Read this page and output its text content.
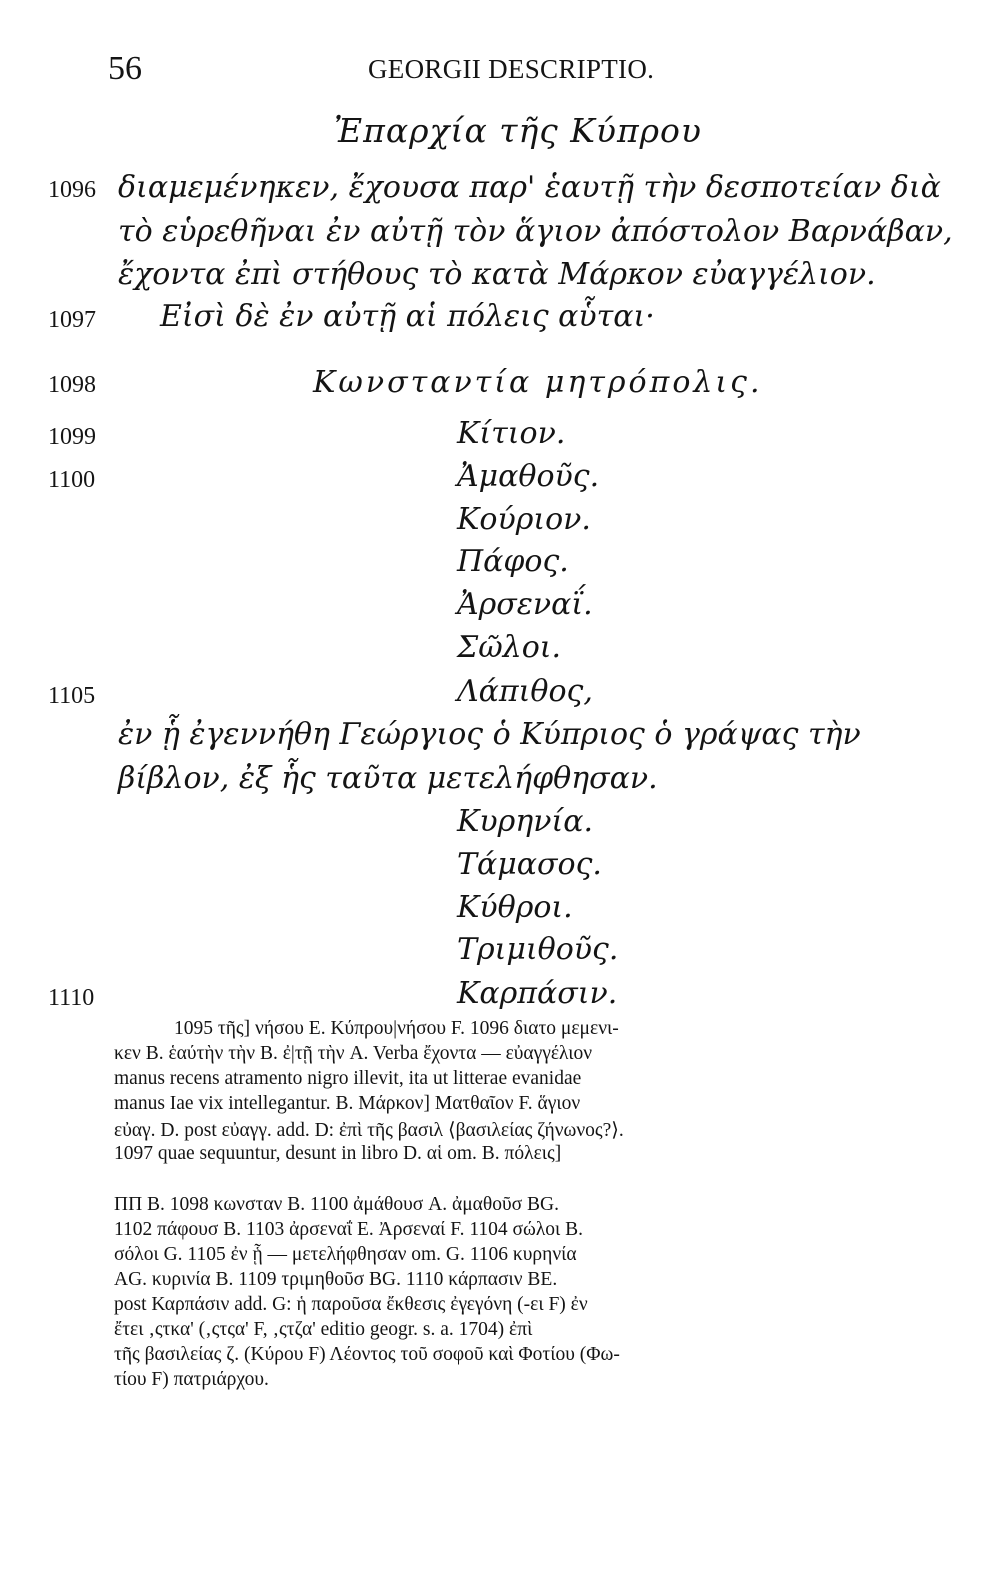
56	GEORGII DESCRIPTIO.
Ἐπαρχία τῆς Κύπρου
1096
1097
1098
1099
1100
1105
1110
διαμεμένηκεν, ἔχουσα παρ' ἑαυτῇ τὴν δεσποτείαν διὰ
τὸ εὑρεθῆναι ἐν αὐτῇ τὸν ἅγιον ἀπόστολον Βαρνάβαν,
ἔχοντα ἐπὶ στήθους τὸ κατὰ Μάρκον εὐαγγέλιον.
Εἰσὶ δὲ ἐν αὐτῇ αἱ πόλεις αὗται·
Κωνσταντία μητρόπολις.
Κίτιον.
Ἀμαθοῦς.
Κούριον.
Πάφος.
Ἀρσεναΐ.
Σῶλοι.
Λάπιθος,
ἐν ᾗ ἐγεννήθη Γεώργιος ὁ Κύπριος ὁ γράψας τὴν
βίβλον, ἐξ ἧς ταῦτα μετελήφθησαν.
Κυρηνία.
Τάμασος.
Κύθροι.
Τριμιθοῦς.
Καρπάσιν.
1095 τῆς] νήσου E. Κύπρου|νήσου F. 1096 διατο μεμενι-
κεν B. ἑαύτὴν τὴν B. ἐ|τῇ τὴν A. Verba ἔχοντα — εὐαγγέλιον
manus recens atramento nigro illevit, ita ut litterae evanidae
manus Iae vix intellegantur. B. Μάρκον] Ματθαῖον F. ἅγιον
εὐαγ. D. post εὐαγγ. add. D: ἐπὶ τῆς βασιλ ⟨βασιλείας ζήνωνος?⟩.
1097 quae sequuntur, desunt in libro D. αἱ om. B. πόλεις]
ΠΠ B. 1098 κωνσταν B. 1100 ἀμάθουσ A. ἀμαθοῦσ BG.
1102 πάφουσ B. 1103 ἀρσεναΐ E. Ἀρσεναί F. 1104 σώλοι B.
σόλοι G. 1105 ἐν ᾗ — μετελήφθησαν om. G. 1106 κυρηνία
AG. κυρινία B. 1109 τριμηθοῦσ BG. 1110 κάρπασιν BE.
post Καρπάσιν add. G: ἡ παροῦσα ἔκθεσις ἐγεγόνη (-ει F) ἐν
ἔτει ‚ςτκα' (‚ςτςα' F, ‚ςτζα' editio geogr. s. a. 1704) ἐπὶ
τῆς βασιλείας ζ. (Κύρου F) Λέοντος τοῦ σοφοῦ καὶ Φοτίου (Φω-
τίου F) πατριάρχου.
